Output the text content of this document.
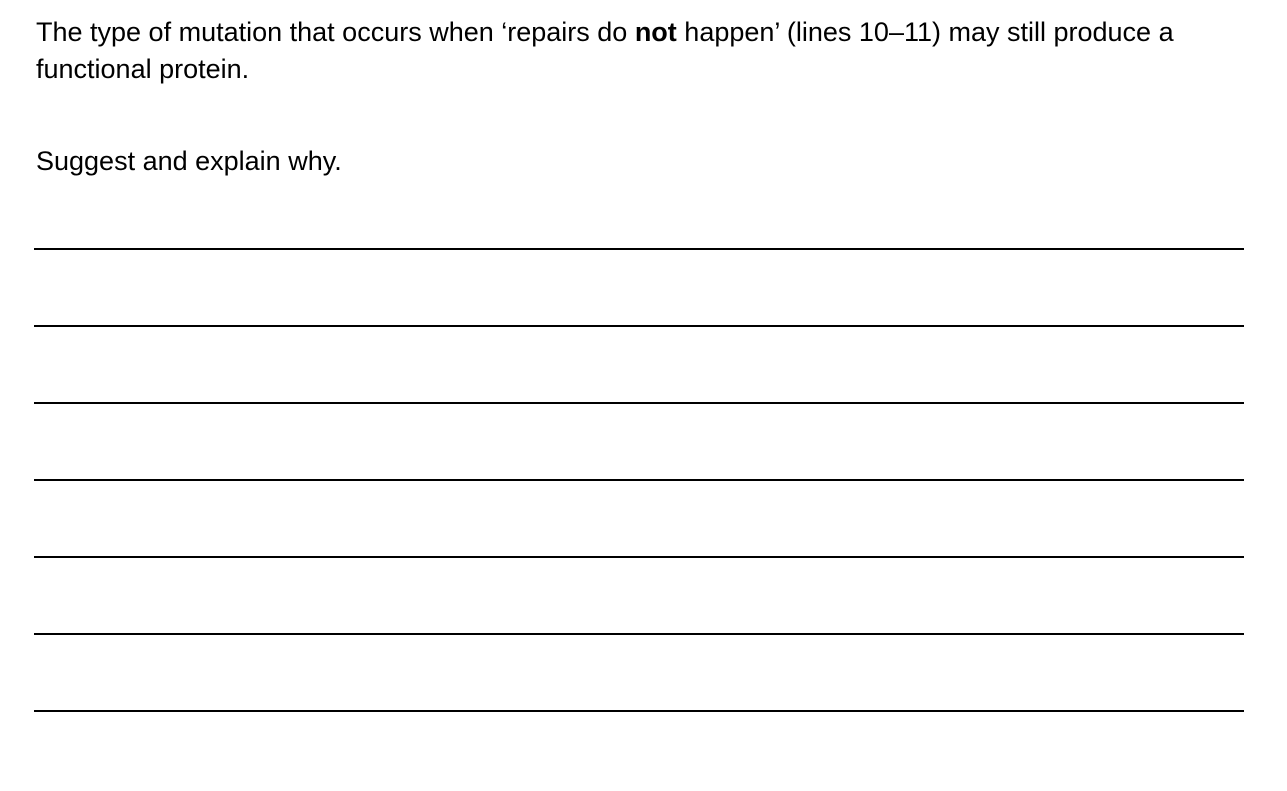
The type of mutation that occurs when ‘repairs do not happen’ (lines 10–11) may still produce a functional protein.

Suggest and explain why.
